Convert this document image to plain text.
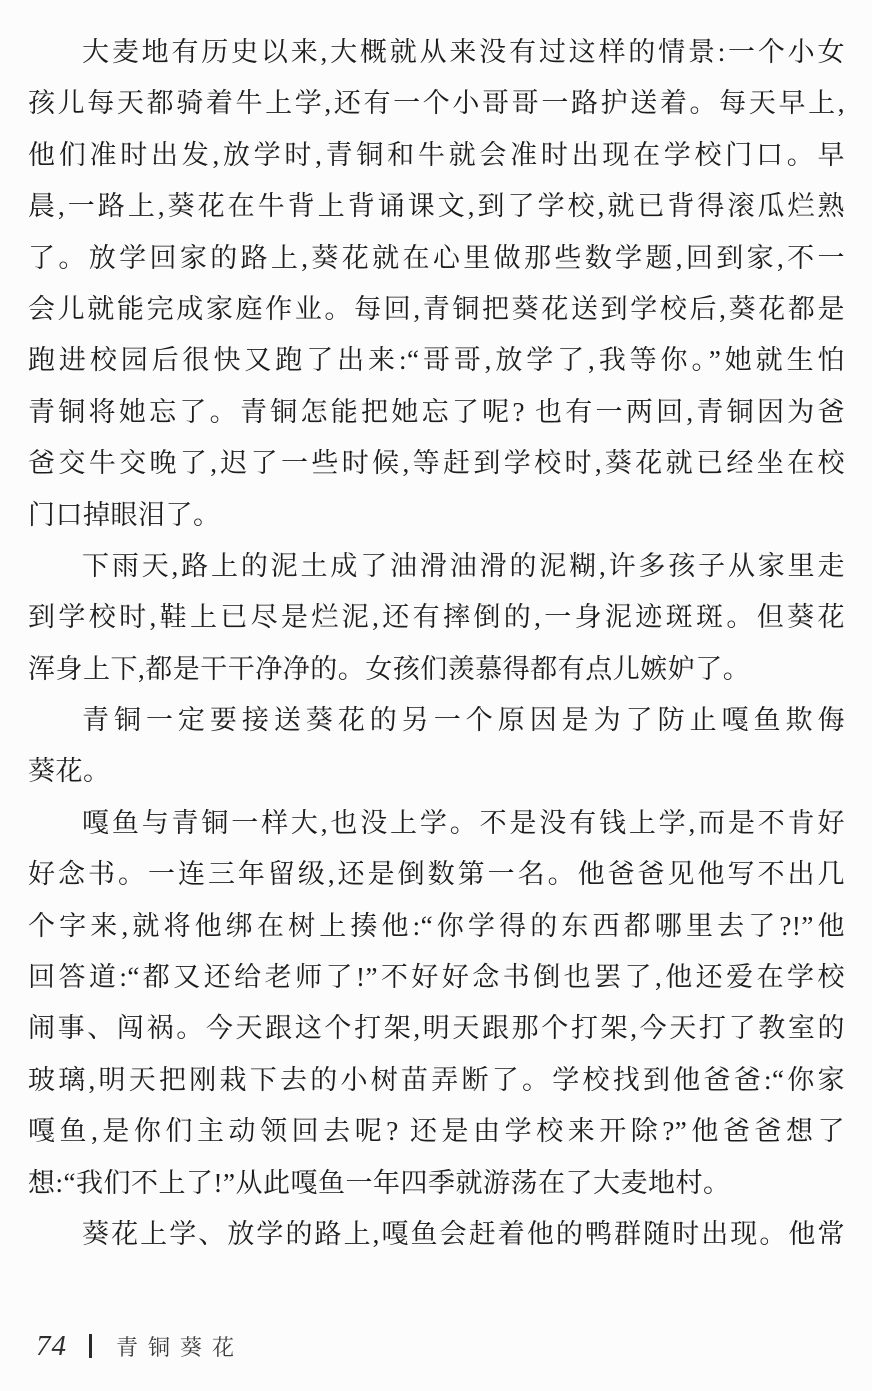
大麦地有历史以来,大概就从来没有过这样的情景:一个小女
孩儿每天都骑着牛上学,还有一个小哥哥一路护送着。每天早上,
他们准时出发,放学时,青铜和牛就会准时出现在学校门口。早
晨,一路上,葵花在牛背上背诵课文,到了学校,就已背得滚瓜烂熟
了。放学回家的路上,葵花就在心里做那些数学题,回到家,不一
会儿就能完成家庭作业。每回,青铜把葵花送到学校后,葵花都是
跑进校园后很快又跑了出来:“哥哥,放学了,我等你。”她就生怕
青铜将她忘了。青铜怎能把她忘了呢? 也有一两回,青铜因为爸
爸交牛交晚了,迟了一些时候,等赶到学校时,葵花就已经坐在校
门口掉眼泪了。
下雨天,路上的泥土成了油滑油滑的泥糊,许多孩子从家里走
到学校时,鞋上已尽是烂泥,还有摔倒的,一身泥迹斑斑。但葵花
浑身上下,都是干干净净的。女孩们羡慕得都有点儿嫉妒了。
青铜一定要接送葵花的另一个原因是为了防止嘎鱼欺侮
葵花。
嘎鱼与青铜一样大,也没上学。不是没有钱上学,而是不肯好
好念书。一连三年留级,还是倒数第一名。他爸爸见他写不出几
个字来,就将他绑在树上揍他:“你学得的东西都哪里去了?!”他
回答道:“都又还给老师了!”不好好念书倒也罢了,他还爱在学校
闹事、闯祸。今天跟这个打架,明天跟那个打架,今天打了教室的
玻璃,明天把刚栽下去的小树苗弄断了。学校找到他爸爸:“你家
嘎鱼,是你们主动领回去呢? 还是由学校来开除?”他爸爸想了
想:“我们不上了!”从此嘎鱼一年四季就游荡在了大麦地村。
葵花上学、放学的路上,嘎鱼会赶着他的鸭群随时出现。他常
74 青铜葵花
